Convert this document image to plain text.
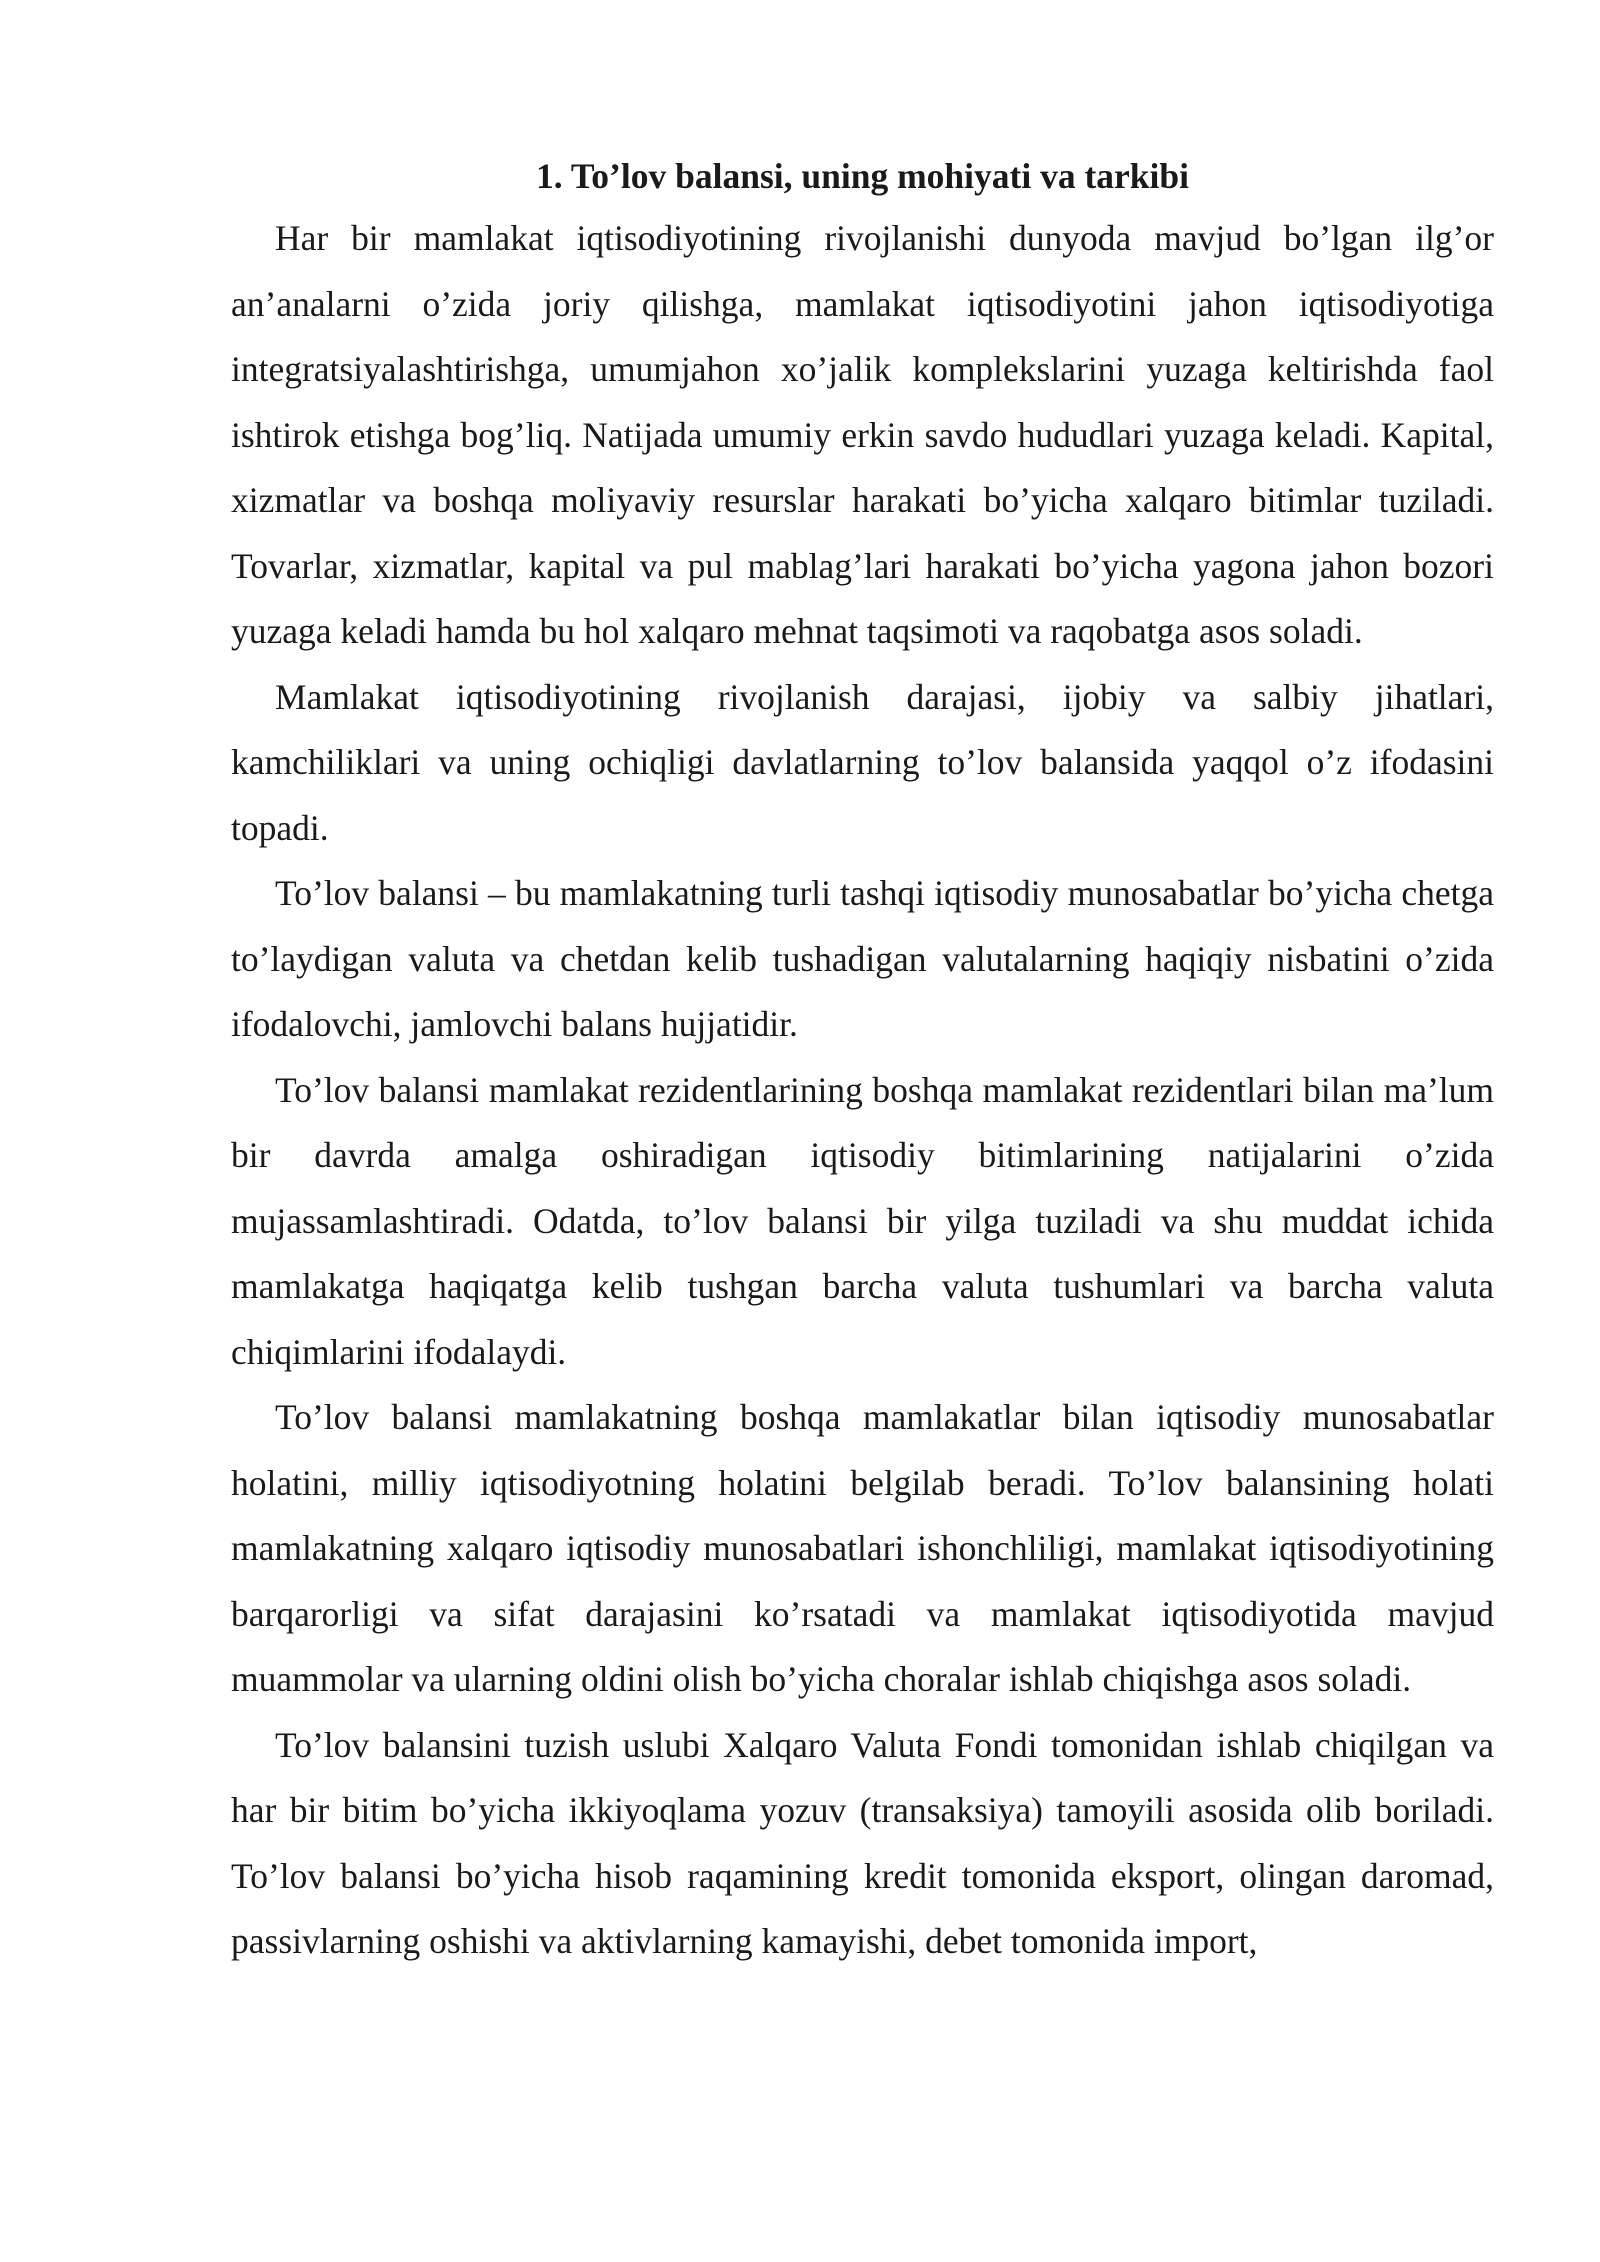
1. To’lov balansi, uning mohiyati va tarkibi

Har bir mamlakat iqtisodiyotining rivojlanishi dunyoda mavjud bo’lgan ilg’or an’analarni o’zida joriy qilishga, mamlakat iqtisodiyotini jahon iqtisodiyotiga integratsiyalashtirishga, umumjahon xo’jalik komplekslarini yuzaga keltirishda faol ishtirok etishga bog’liq. Natijada umumiy erkin savdo hududlari yuzaga keladi. Kapital, xizmatlar va boshqa moliyaviy resurslar harakati bo’yicha xalqaro bitimlar tuziladi. Tovarlar, xizmatlar, kapital va pul mablag’lari harakati bo’yicha yagona jahon bozori yuzaga keladi hamda bu hol xalqaro mehnat taqsimoti va raqobatga asos soladi.

Mamlakat iqtisodiyotining rivojlanish darajasi, ijobiy va salbiy jihatlari, kamchiliklari va uning ochiqligi davlatlarning to’lov balansida yaqqol o’z ifodasini topadi.

To’lov balansi – bu mamlakatning turli tashqi iqtisodiy munosabatlar bo’yicha chetga to’laydigan valuta va chetdan kelib tushadigan valutalarning haqiqiy nisbatini o’zida ifodalovchi, jamlovchi balans hujjatidir.

To’lov balansi mamlakat rezidentlarining boshqa mamlakat rezidentlari bilan ma’lum bir davrda amalga oshiradigan iqtisodiy bitimlarining natijalarini o’zida mujassamlashtiradi. Odatda, to’lov balansi bir yilga tuziladi va shu muddat ichida mamlakatga haqiqatga kelib tushgan barcha valuta tushumlari va barcha valuta chiqimlarini ifodalaydi.

To’lov balansi mamlakatning boshqa mamlakatlar bilan iqtisodiy munosabatlar holatini, milliy iqtisodiyotning holatini belgilab beradi. To’lov balansining holati mamlakatning xalqaro iqtisodiy munosabatlari ishonchliligi, mamlakat iqtisodiyotining barqarorligi va sifat darajasini ko’rsatadi va mamlakat iqtisodiyotida mavjud muammolar va ularning oldini olish bo’yicha choralar ishlab chiqishga asos soladi.

To’lov balansini tuzish uslubi Xalqaro Valuta Fondi tomonidan ishlab chiqilgan va har bir bitim bo’yicha ikkiyoqlama yozuv (transaksiya) tamoyili asosida olib boriladi. To’lov balansi bo’yicha hisob raqamining kredit tomonida eksport, olingan daromad, passivlarning oshishi va aktivlarning kamayishi, debet tomonida import,
